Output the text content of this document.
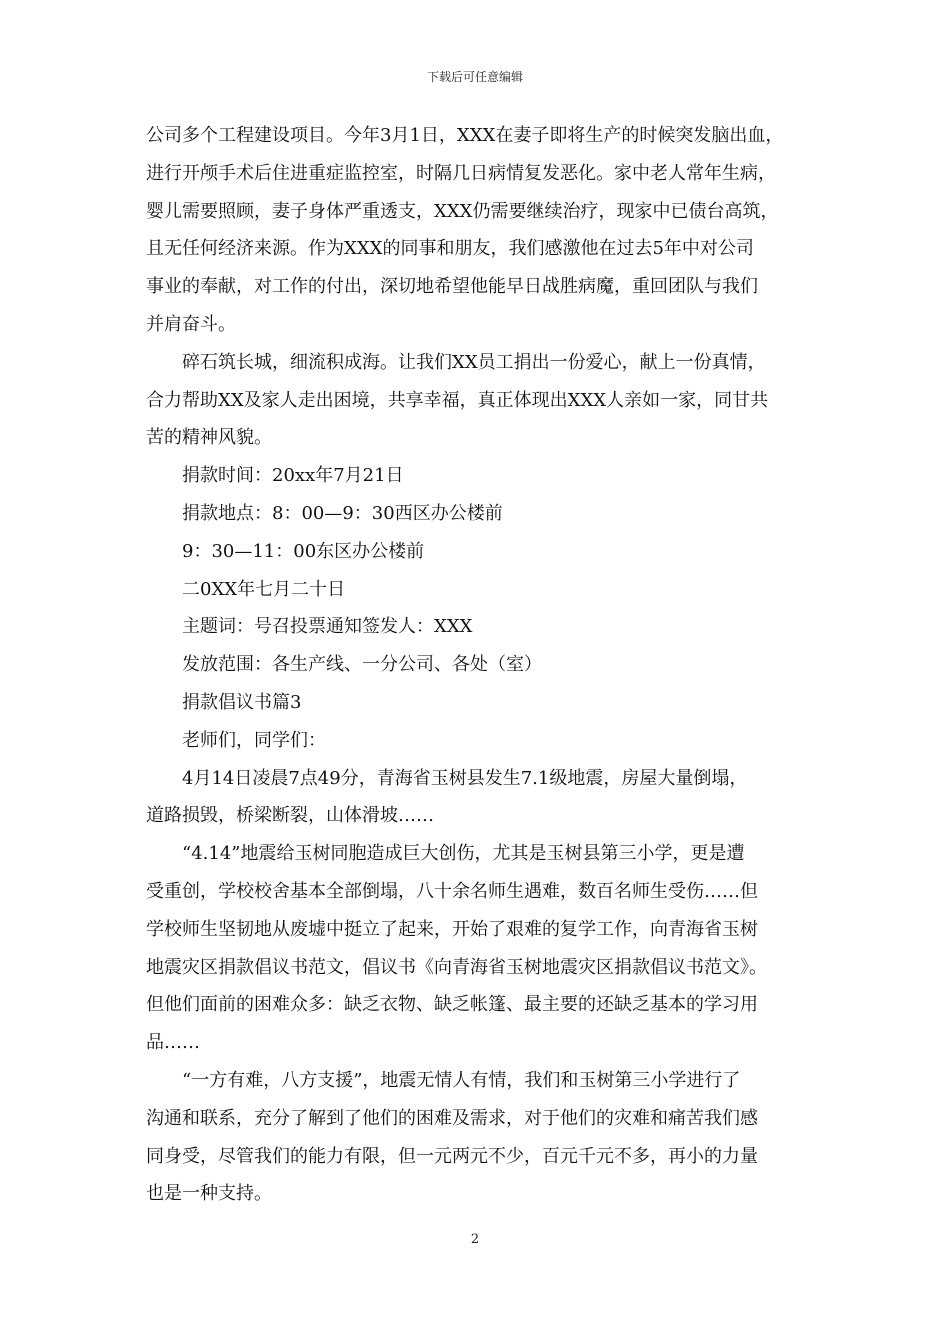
下载后可任意编辑
公司多个工程建设项目。今年3月1日，XXX在妻子即将生产的时候突发脑出血，
进行开颅手术后住进重症监控室，时隔几日病情复发恶化。家中老人常年生病，
婴儿需要照顾，妻子身体严重透支，XXX仍需要继续治疗，现家中已债台高筑，
且无任何经济来源。作为XXX的同事和朋友，我们感激他在过去5年中对公司
事业的奉献，对工作的付出，深切地希望他能早日战胜病魔，重回团队与我们
并肩奋斗。
碎石筑长城，细流积成海。让我们XX员工捐出一份爱心，献上一份真情，
合力帮助XX及家人走出困境，共享幸福，真正体现出XXX人亲如一家，同甘共
苦的精神风貌。
捐款时间：20xx年7月21日
捐款地点：8：00—9：30西区办公楼前
9：30—11：00东区办公楼前
二0XX年七月二十日
主题词：号召投票通知签发人：XXX
发放范围：各生产线、一分公司、各处（室）
捐款倡议书篇3
老师们，同学们：
4月14日凌晨7点49分，青海省玉树县发生7.1级地震，房屋大量倒塌，
道路损毁，桥梁断裂，山体滑坡……
“4.14”地震给玉树同胞造成巨大创伤，尤其是玉树县第三小学，更是遭
受重创，学校校舍基本全部倒塌，八十余名师生遇难，数百名师生受伤……但
学校师生坚韧地从废墟中挺立了起来，开始了艰难的复学工作，向青海省玉树
地震灾区捐款倡议书范文，倡议书《向青海省玉树地震灾区捐款倡议书范文》。
但他们面前的困难众多：缺乏衣物、缺乏帐篷、最主要的还缺乏基本的学习用
品……
“一方有难，八方支援”，地震无情人有情，我们和玉树第三小学进行了
沟通和联系，充分了解到了他们的困难及需求，对于他们的灾难和痛苦我们感
同身受，尽管我们的能力有限，但一元两元不少，百元千元不多，再小的力量
也是一种支持。
2
